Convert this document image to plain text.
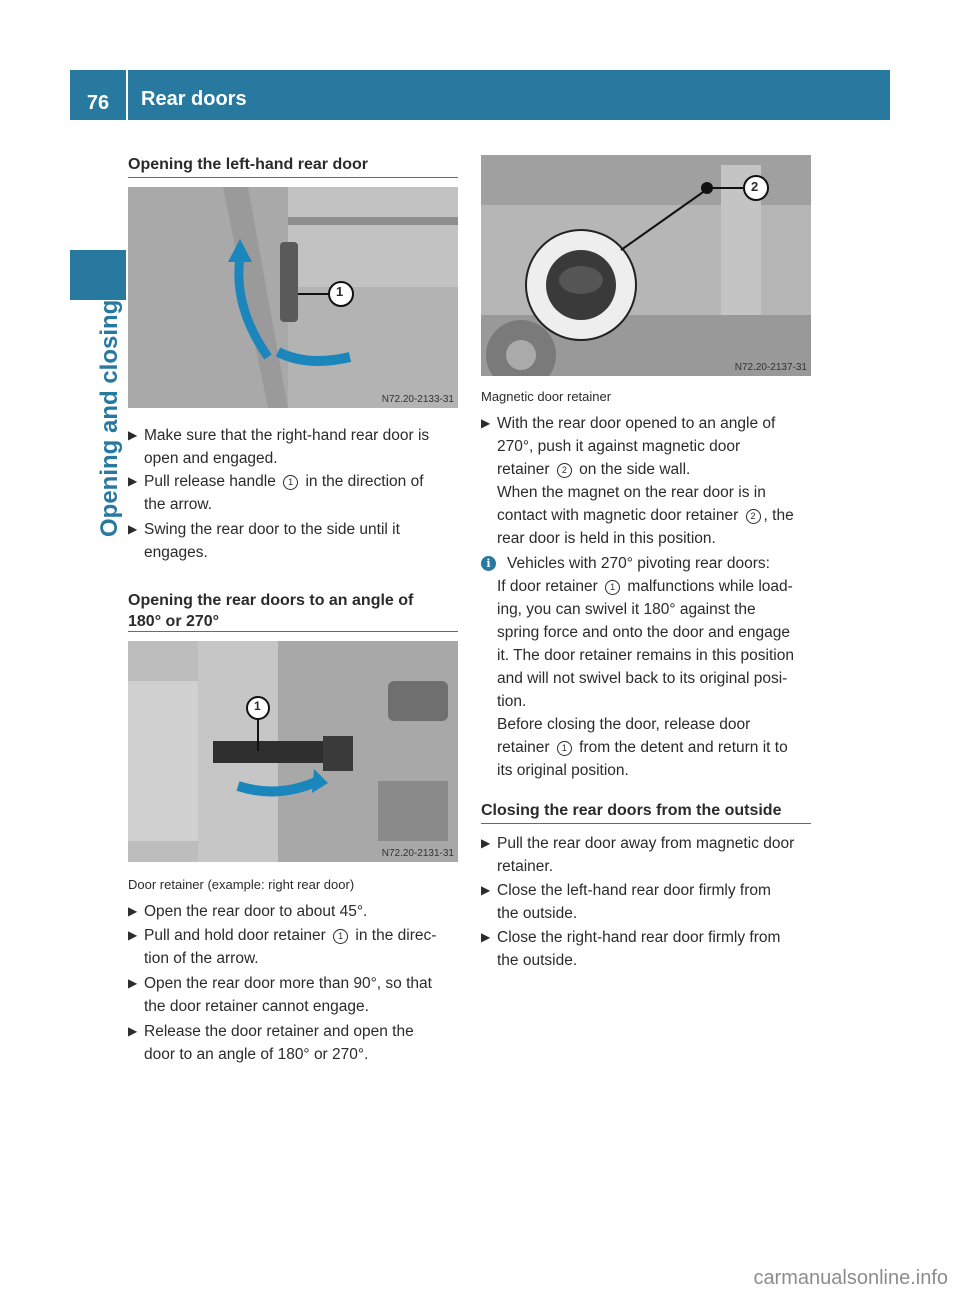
76	Rear doors
Opening and closing
Opening the left-hand rear door
1
N72.20-2133-31
▶ Make sure that the right-hand rear door is
open and engaged.
▶ Pull release handle 1 in the direction of
the arrow.
▶ Swing the rear door to the side until it
engages.
Opening the rear doors to an angle of
180° or 270°
1
N72.20-2131-31
Door retainer (example: right rear door)
▶ Open the rear door to about 45°.
▶ Pull and hold door retainer 1 in the direc-
tion of the arrow.
▶ Open the rear door more than 90°, so that
the door retainer cannot engage.
▶ Release the door retainer and open the
door to an angle of 180° or 270°.
2
N72.20-2137-31
Magnetic door retainer
▶ With the rear door opened to an angle of
270°, push it against magnetic door
retainer 2 on the side wall.
When the magnet on the rear door is in
contact with magnetic door retainer 2 , the
rear door is held in this position.
i	Vehicles with 270° pivoting rear doors:
If door retainer 1 malfunctions while load-
ing, you can swivel it 180° against the
spring force and onto the door and engage
it. The door retainer remains in this position
and will not swivel back to its original posi-
tion.
Before closing the door, release door
retainer 1 from the detent and return it to
its original position.
Closing the rear doors from the outside
▶ Pull the rear door away from magnetic door
retainer.
▶ Close the left-hand rear door firmly from
the outside.
▶ Close the right-hand rear door firmly from
the outside.
carmanualsonline.info
